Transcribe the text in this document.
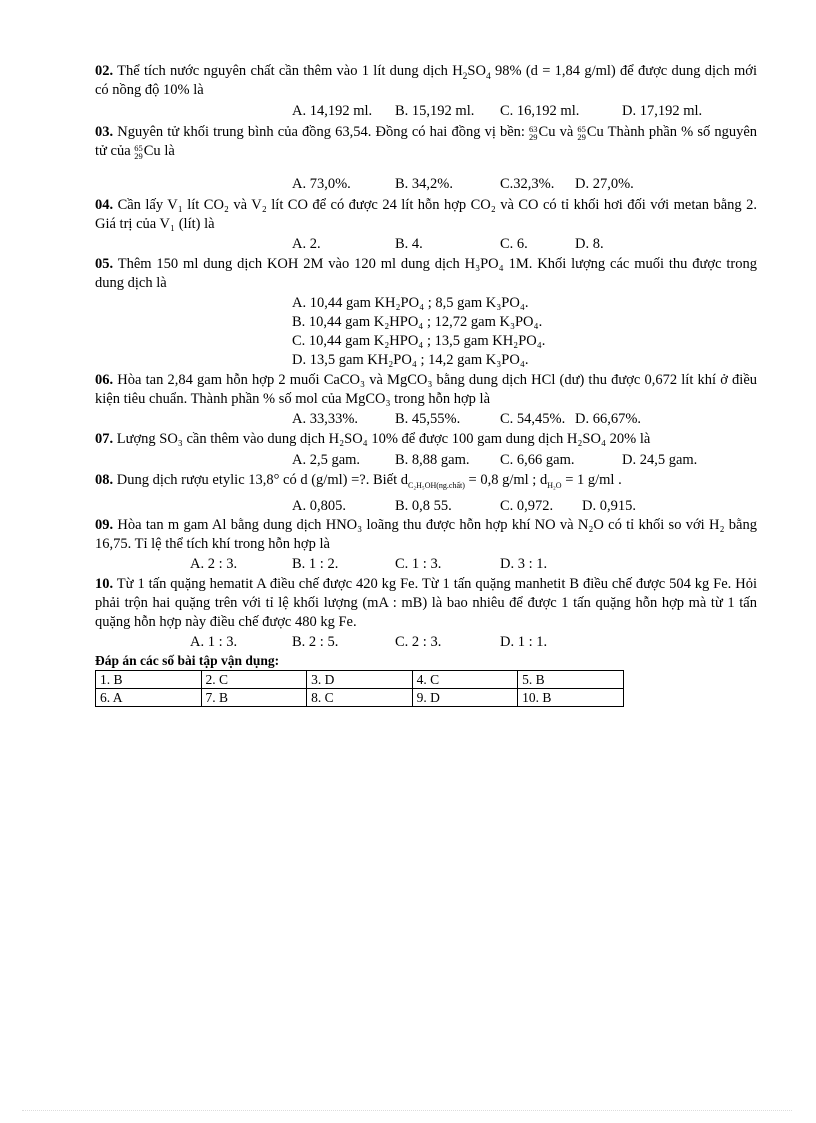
02. Thể tích nước nguyên chất cần thêm vào 1 lít dung dịch $H_2SO_4$ 98% (d = 1,84 g/ml) để được dung dịch mới có nồng độ 10% là
A. 14,192 ml. B. 15,192 ml. C. 16,192 ml.	D. 17,192 ml.
03. Nguyên tử khối trung bình của đồng 63,54. Đồng có hai đồng vị bền: 63
29 Cu và 65
29 Cu Thành phần % số nguyên tử của 65
29 Cu là
A. 73,0%.	B. 34,2%.	C.32,3%. D. 27,0%.
04. Cần lấy V₁ lít CO₂ và V₂ lít CO để có được 24 lít hỗn hợp CO₂ và CO có tỉ khối hơi đối với metan bằng 2. Giá trị của V₁ (lít) là
A. 2.	B. 4.	C. 6.	D. 8.
05. Thêm 150 ml dung dịch KOH 2M vào 120 ml dung dịch H₃PO₄ 1M. Khối lượng các muối thu được trong dung dịch là
A. 10,44 gam KH₂PO₄ ; 8,5 gam K₃PO₄.
B. 10,44 gam K₂HPO₄ ; 12,72 gam K₃PO₄.
C. 10,44 gam K₂HPO₄ ; 13,5 gam KH₂PO₄.
D. 13,5 gam KH₂PO₄ ; 14,2 gam K₃PO₄.
06. Hòa tan 2,84 gam hỗn hợp 2 muối CaCO₃ và MgCO₃ bằng dung dịch HCl (dư) thu được 0,672 lít khí ở điều kiện tiêu chuẩn. Thành phần % số mol của MgCO₃ trong hỗn hợp là
A. 33,33%.	B. 45,55%.	C. 54,45%. D. 66,67%.
07. Lượng SO₃ cần thêm vào dung dịch H₂SO₄ 10% để được 100 gam dung dịch H₂SO₄ 20% là
A. 2,5 gam. B. 8,88 gam. C. 6,66 gam.	D. 24,5 gam.
08. Dung dịch rượu etylic 13,8° có d (g/ml) =?. Biết $d_{C_2H_5OH(ng.chất)} = 0,8$ g/ml ; $d_{H_2O} = 1$ g/ml .
A. 0,805.	B. 0,8 55.	C. 0,972. D. 0,915.
09. Hòa tan m gam Al bằng dung dịch HNO₃ loãng thu được hỗn hợp khí NO và N₂O có tỉ khối so với H₂ bằng 16,75. Tỉ lệ thể tích khí trong hỗn hợp là
A. 2 : 3.	B. 1 : 2.	C. 1 : 3.	D. 3 : 1.
10. Từ 1 tấn quặng hematit A điều chế được 420 kg Fe. Từ 1 tấn quặng manhetit B điều chế được 504 kg Fe. Hỏi phải trộn hai quặng trên với tỉ lệ khối lượng (mA : mB) là bao nhiêu để được 1 tấn quặng hỗn hợp mà từ 1 tấn quặng hỗn hợp này điều chế được 480 kg Fe.
A. 1 : 3.	B. 2 : 5.	C. 2 : 3.	D. 1 : 1.
Đáp án các số bài tập vận dụng:
1. B	2. C	3. D	4. C	5. B
6. A	7. B	8. C	9. D	10. B
